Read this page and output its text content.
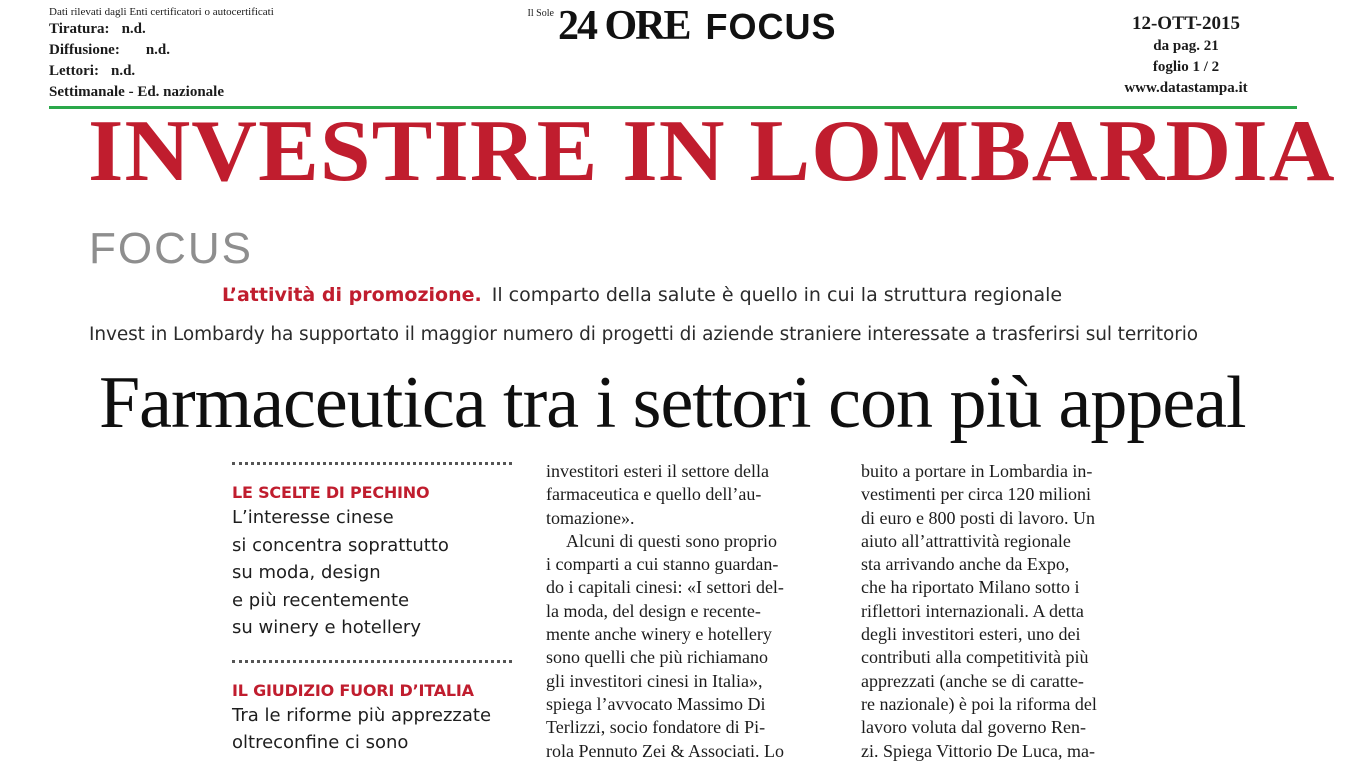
Dati rilevati dagli Enti certificatori o autocertificati
Tiratura: n.d.
Diffusione: n.d.
Lettori: n.d.
Settimanale - Ed. nazionale
$^{Il Sole}$ 24 ORE FOCUS	12-OTT-2015
da pag. 21
foglio 1 / 2
www.datastampa.it
INVESTIRE IN LOMBARDIA
FOCUS
L’attività di promozione. Il comparto della salute è quello in cui la struttura regionale
Invest in Lombardy ha supportato il maggior numero di progetti di aziende straniere interessate a trasferirsi sul territorio
Farmaceutica tra i settori con più appeal
LE SCELTE DI PECHINO
L’interesse cinese
si concentra soprattutto
su moda, design
e più recentemente
su winery e hotellery
IL GIUDIZIO FUORI D’ITALIA
Tra le riforme più apprezzate
oltreconfine ci sono
investitori esteri il settore della
farmaceutica e quello dell’au-
tomazione».
Alcuni di questi sono proprio
i comparti a cui stanno guardan-
do i capitali cinesi: «I settori del-
la moda, del design e recente-
mente anche winery e hotellery
sono quelli che più richiamano
gli investitori cinesi in Italia»,
spiega l’avvocato Massimo Di
Terlizzi, socio fondatore di Pi-
rola Pennuto Zei & Associati. Lo
buito a portare in Lombardia in-
vestimenti per circa 120 milioni
di euro e 800 posti di lavoro. Un
aiuto all’attrattività regionale
sta arrivando anche da Expo,
che ha riportato Milano sotto i
riflettori internazionali. A detta
degli investitori esteri, uno dei
contributi alla competitività più
apprezzati (anche se di caratte-
re nazionale) è poi la riforma del
lavoro voluta dal governo Ren-
zi. Spiega Vittorio De Luca, ma-
